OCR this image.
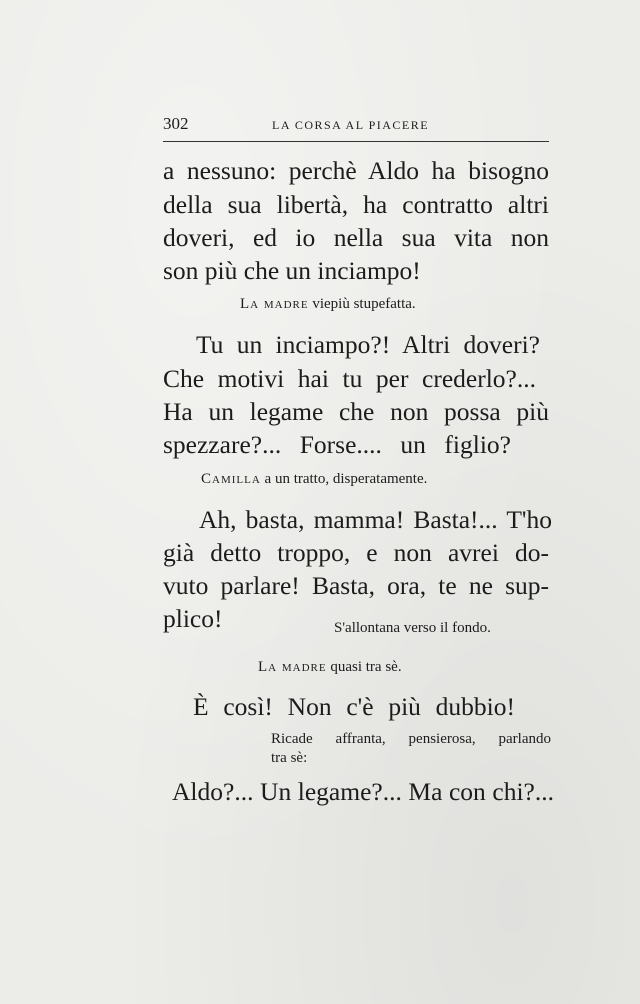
302	LA CORSA AL PIACERE
a nessuno: perchè Aldo ha bisogno
della sua libertà, ha contratto altri
doveri, ed io nella sua vita non
son più che un inciampo!
La madre viepiù stupefatta.
Tu un inciampo?! Altri doveri?
Che motivi hai tu per crederlo?...
Ha un legame che non possa più
spezzare?... Forse.... un figlio?
Camilla a un tratto, disperatamente.
Ah, basta, mamma! Basta!... T'ho
già detto troppo, e non avrei do-
vuto parlare! Basta, ora, te ne sup-
plico!	S'allontana verso il fondo.
La madre quasi tra sè.
È così! Non c'è più dubbio!
Ricade affranta, pensierosa, parlando
tra sè:
Aldo?... Un legame?... Ma con chi?...
